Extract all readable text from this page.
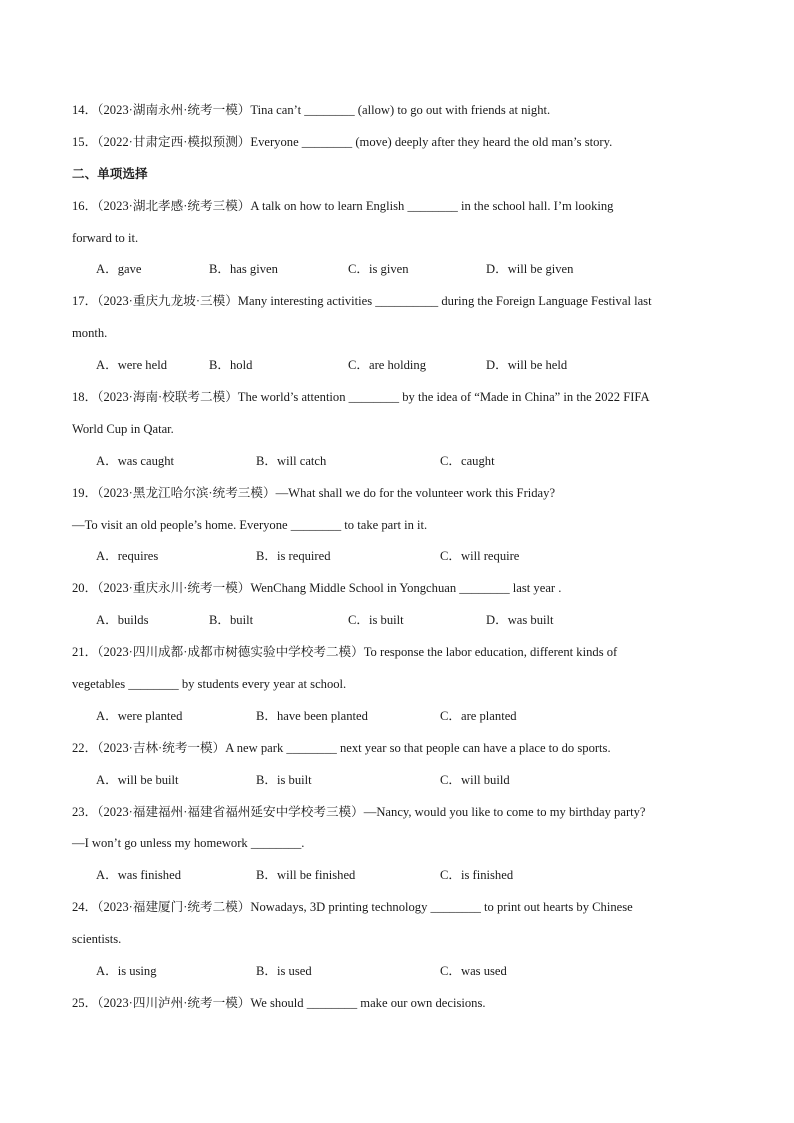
14．（2023·湖南永州·统考一模）Tina can’t ________ (allow) to go out with friends at night.
15．（2022·甘肃定西·模拟预测）Everyone ________ (move) deeply after they heard the old man’s story.
二、单项选择
16．（2023·湖北孝感·统考三模）A talk on how to learn English ________ in the school hall. I’m looking
forward to it.
A．gave	B．has given	C．is given	D．will be given
17．（2023·重庆九龙坡·三模）Many interesting activities __________ during the Foreign Language Festival last
month.
A．were held	B．hold	C．are holding	D．will be held
18．（2023·海南·校联考二模）The world’s attention ________ by the idea of “Made in China” in the 2022 FIFA
World Cup in Qatar.
A．was caught	B．will catch	C．caught
19．（2023·黑龙江哈尔滨·统考三模）—What shall we do for the volunteer work this Friday?
—To visit an old people’s home. Everyone ________ to take part in it.
A．requires	B．is required	C．will require
20．（2023·重庆永川·统考一模）WenChang Middle School in Yongchuan ________ last year .
A．builds	B．built	C．is built	D．was built
21．（2023·四川成都·成都市树德实验中学校考二模）To response the labor education, different kinds of
vegetables ________ by students every year at school.
A．were planted	B．have been planted	C．are planted
22．（2023·吉林·统考一模）A new park ________ next year so that people can have a place to do sports.
A．will be built	B．is built	C．will build
23．（2023·福建福州·福建省福州延安中学校考三模）—Nancy, would you like to come to my birthday party?
—I won’t go unless my homework ________.
A．was finished	B．will be finished	C．is finished
24．（2023·福建厦门·统考二模）Nowadays, 3D printing technology ________ to print out hearts by Chinese
scientists.
A．is using	B．is used	C．was used
25．（2023·四川泸州·统考一模）We should ________ make our own decisions.
